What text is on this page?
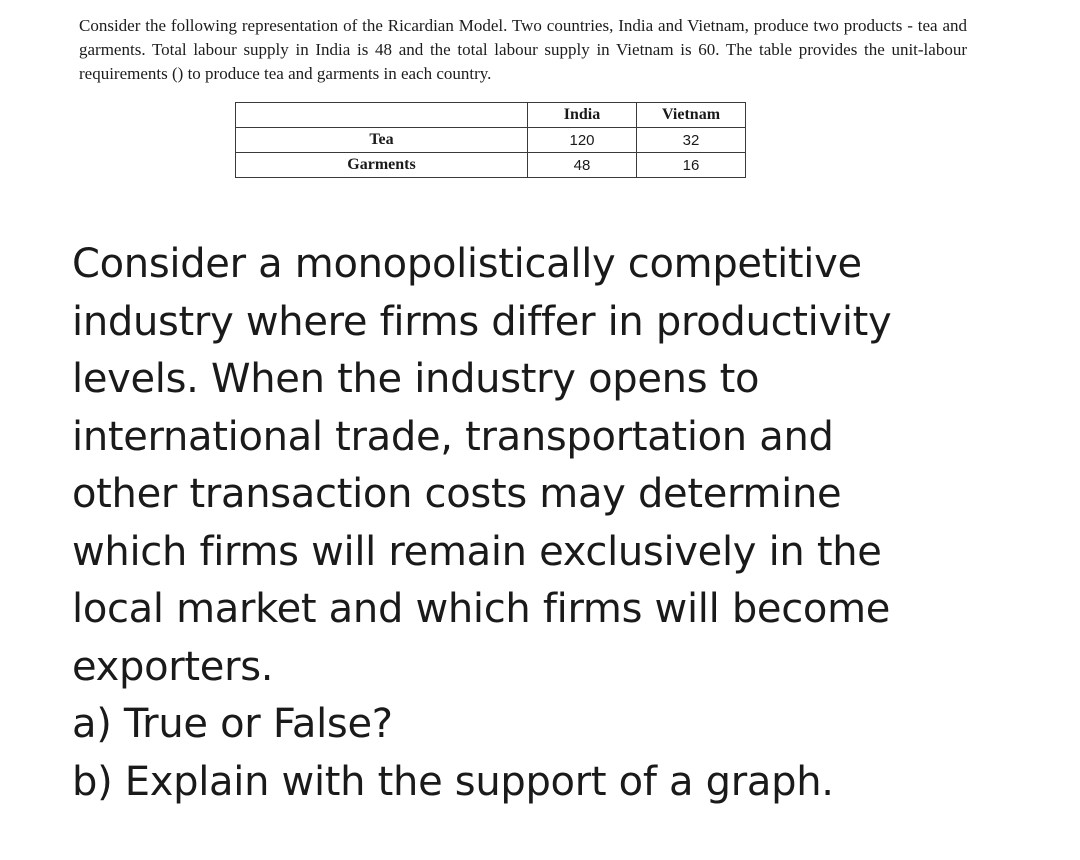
Consider the following representation of the Ricardian Model. Two countries, India and Vietnam, produce two products - tea and garments. Total labour supply in India is 48 and the total labour supply in Vietnam is 60. The table provides the unit-labour requirements () to produce tea and garments in each country.

	India	Vietnam
Tea	120	32
Garments	48	16
Consider a monopolistically competitive
industry where firms differ in productivity
levels. When the industry opens to
international trade, transportation and
other transaction costs may determine
which firms will remain exclusively in the
local market and which firms will become
exporters.
a) True or False?
b) Explain with the support of a graph.
